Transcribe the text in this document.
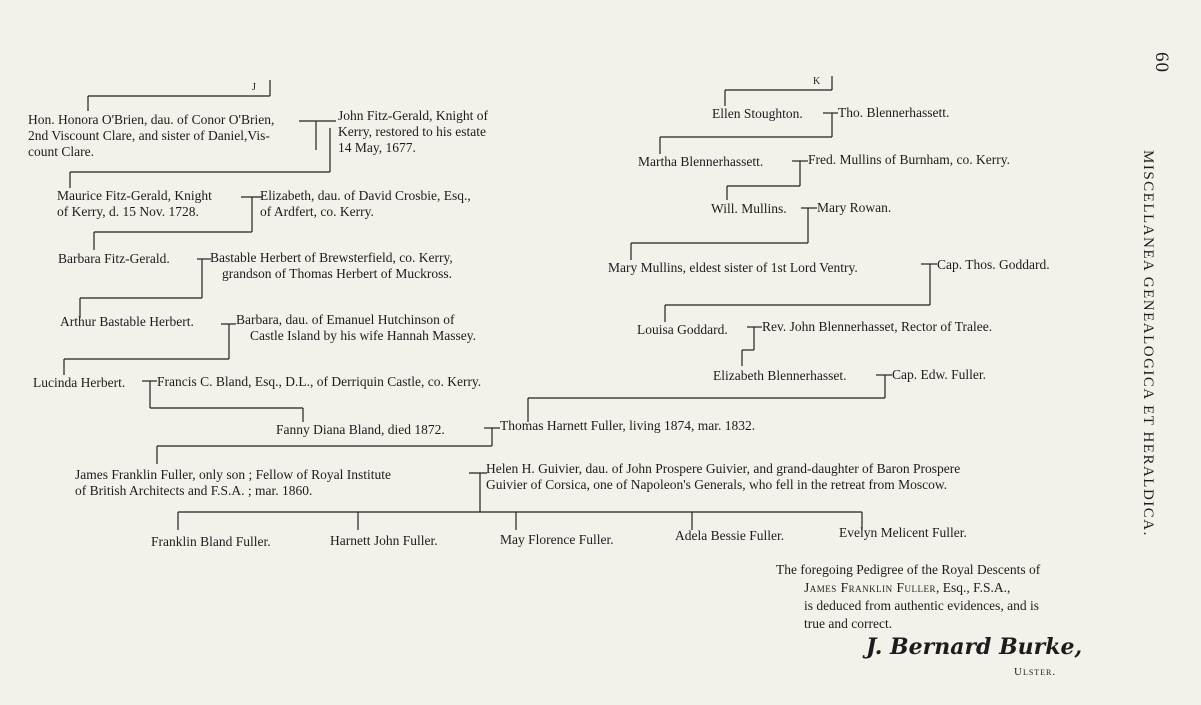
J
K
Hon. Honora O'Brien, dau. of Conor O'Brien,
2nd Viscount Clare, and sister of Daniel,Vis-
count Clare.
John Fitz-Gerald, Knight of
Kerry, restored to his estate
14 May, 1677.
Maurice Fitz-Gerald, Knight
of Kerry, d. 15 Nov. 1728.
Elizabeth, dau. of David Crosbie, Esq.,
of Ardfert, co. Kerry.
Barbara Fitz-Gerald.	Bastable Herbert of Brewsterfield, co. Kerry,
grandson of Thomas Herbert of Muckross.
Arthur Bastable Herbert.	Barbara, dau. of Emanuel Hutchinson of
Castle Island by his wife Hannah Massey.
Lucinda Herbert. Francis C. Bland, Esq., D.L., of Derriquin Castle, co. Kerry.
Ellen Stoughton.	Tho. Blennerhassett.
Martha Blennerhassett.	Fred. Mullins of Burnham, co. Kerry.
Will. Mullins. Mary Rowan.
Mary Mullins, eldest sister of 1st Lord Ventry.	Cap. Thos. Goddard.
Louisa Goddard.	Rev. John Blennerhasset, Rector of Tralee.
Elizabeth Blennerhasset.	Cap. Edw. Fuller.
Fanny Diana Bland, died 1872.	Thomas Harnett Fuller, living 1874, mar. 1832.
James Franklin Fuller, only son ; Fellow of Royal Institute
of British Architects and F.S.A. ; mar. 1860.
Helen H. Guivier, dau. of John Prospere Guivier, and grand-daughter of Baron Prospere
Guivier of Corsica, one of Napoleon's Generals, who fell in the retreat from Moscow.
Franklin Bland Fuller.	Harnett John Fuller.	May Florence Fuller.	Adela Bessie Fuller.	Evelyn Melicent Fuller.
The foregoing Pedigree of the Royal Descents of
James Franklin Fuller, Esq., F.S.A.,
is deduced from authentic evidences, and is
true and correct.
J. Bernard Burke,
Ulster.
60
MISCELLANEA GENEALOGICA ET HERALDICA.
